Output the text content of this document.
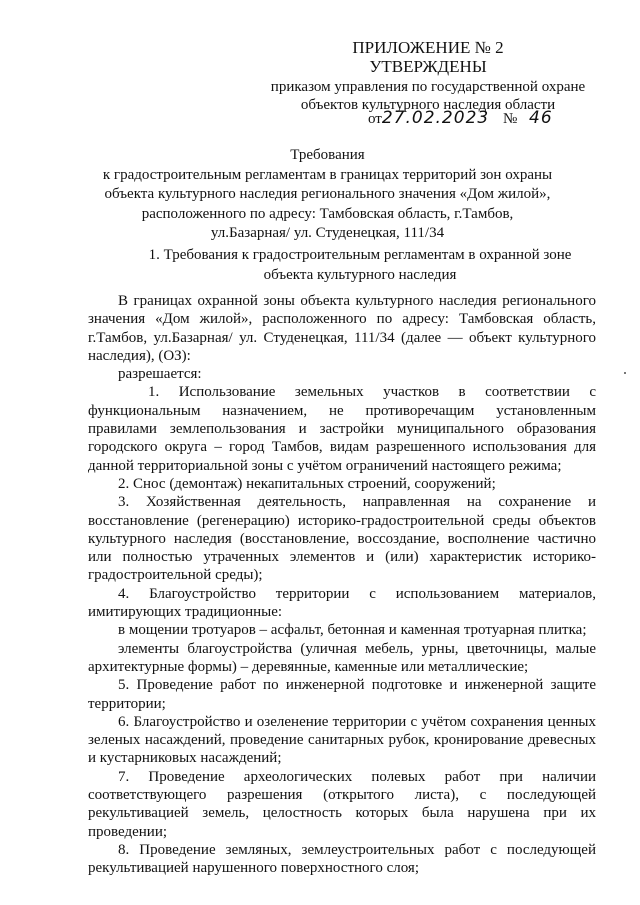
ПРИЛОЖЕНИЕ № 2
УТВЕРЖДЕНЫ
приказом управления по государственной охране
объектов культурного наследия области
от27.02.2023 № 46
Требования
к градостроительным регламентам в границах территорий зон охраны
объекта культурного наследия регионального значения «Дом жилой»,
расположенного по адресу: Тамбовская область, г.Тамбов,
ул.Базарная/ ул. Студенецкая, 111/34
1. Требования к градостроительным регламентам в охранной зоне
объекта культурного наследия

В границах охранной зоны объекта культурного наследия регионального значения «Дом жилой», расположенного по адресу: Тамбовская область, г.Тамбов, ул.Базарная/ ул. Студенецкая, 111/34 (далее — объект культурного наследия), (ОЗ):

разрешается:

1. Использование земельных участков в соответствии с функциональным назначением, не противоречащим установленным правилами землепользования и застройки муниципального образования городского округа – город Тамбов, видам разрешенного использования для данной территориальной зоны с учётом ограничений настоящего режима;

2. Снос (демонтаж) некапитальных строений, сооружений;

3. Хозяйственная деятельность, направленная на сохранение и восстановление (регенерацию) историко-градостроительной среды объектов культурного наследия (восстановление, воссоздание, восполнение частично или полностью утраченных элементов и (или) характеристик историко-градостроительной среды);

4. Благоустройство территории с использованием материалов, имитирующих традиционные:

в мощении тротуаров – асфальт, бетонная и каменная тротуарная плитка;

элементы благоустройства (уличная мебель, урны, цветочницы, малые архитектурные формы) – деревянные, каменные или металлические;

5. Проведение работ по инженерной подготовке и инженерной защите территории;

6. Благоустройство и озеленение территории с учётом сохранения ценных зеленых насаждений, проведение санитарных рубок, кронирование древесных и кустарниковых насаждений;

7. Проведение археологических полевых работ при наличии соответствующего разрешения (открытого листа), с последующей рекультивацией земель, целостность которых была нарушена при их проведении;

8. Проведение земляных, землеустроительных работ с последующей рекультивацией нарушенного поверхностного слоя;
